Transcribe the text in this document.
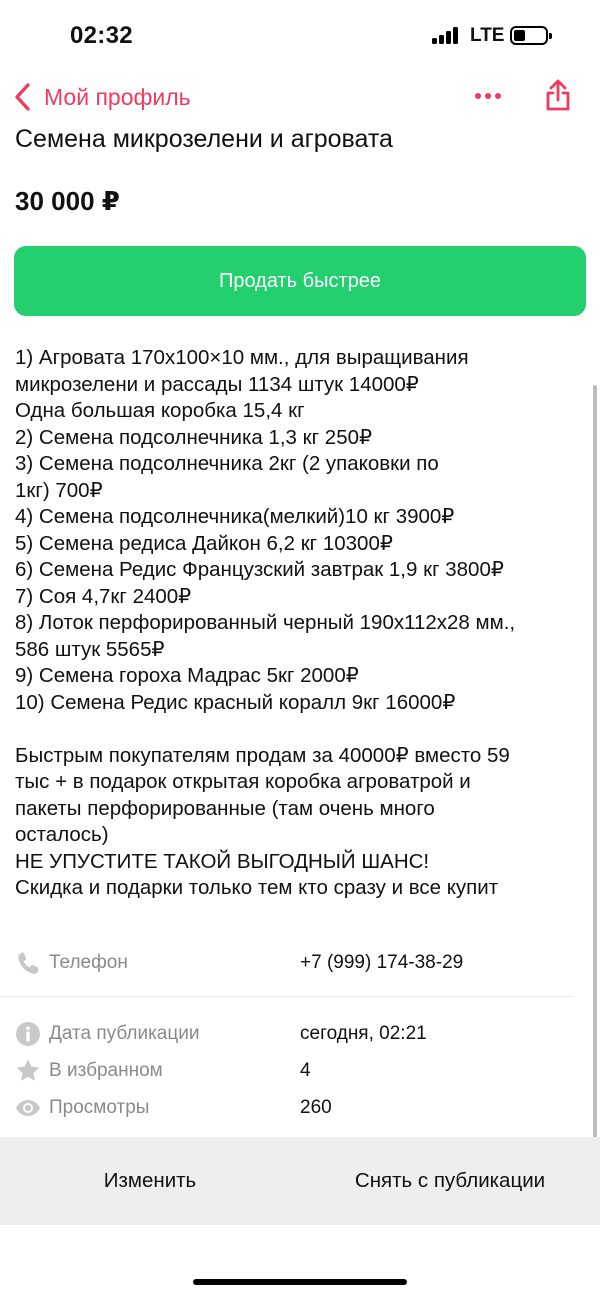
02:32	LTE
Мой профиль
Семена микрозелени и агровата
30 000 ₽
Продать быстрее
1) Агровата 170х100×10 мм., для выращивания
микрозелени и рассады 1134 штук 14000₽
Одна большая коробка 15,4 кг
2) Семена подсолнечника 1,3 кг 250₽
3) Семена подсолнечника 2кг (2 упаковки по
1кг) 700₽
4) Семена подсолнечника(мелкий)10 кг 3900₽
5) Семена редиса Дайкон 6,2 кг 10300₽
6) Семена Редис Французский завтрак 1,9 кг 3800₽
7) Соя 4,7кг 2400₽
8) Лоток перфорированный черный 190х112х28 мм.,
586 штук 5565₽
9) Семена гороха Мадрас 5кг 2000₽
10) Семена Редис красный коралл 9кг 16000₽
Быстрым покупателям продам за 40000₽ вместо 59
тыс + в подарок открытая коробка агроватрой и
пакеты перфорированные (там очень много
осталось)
НЕ УПУСТИТЕ ТАКОЙ ВЫГОДНЫЙ ШАНС!
Скидка и подарки только тем кто сразу и все купит
Телефон	+7 (999) 174-38-29
Дата публикации	сегодня, 02:21
В избранном	4
Просмотры	260
Изменить	Снять с публикации
